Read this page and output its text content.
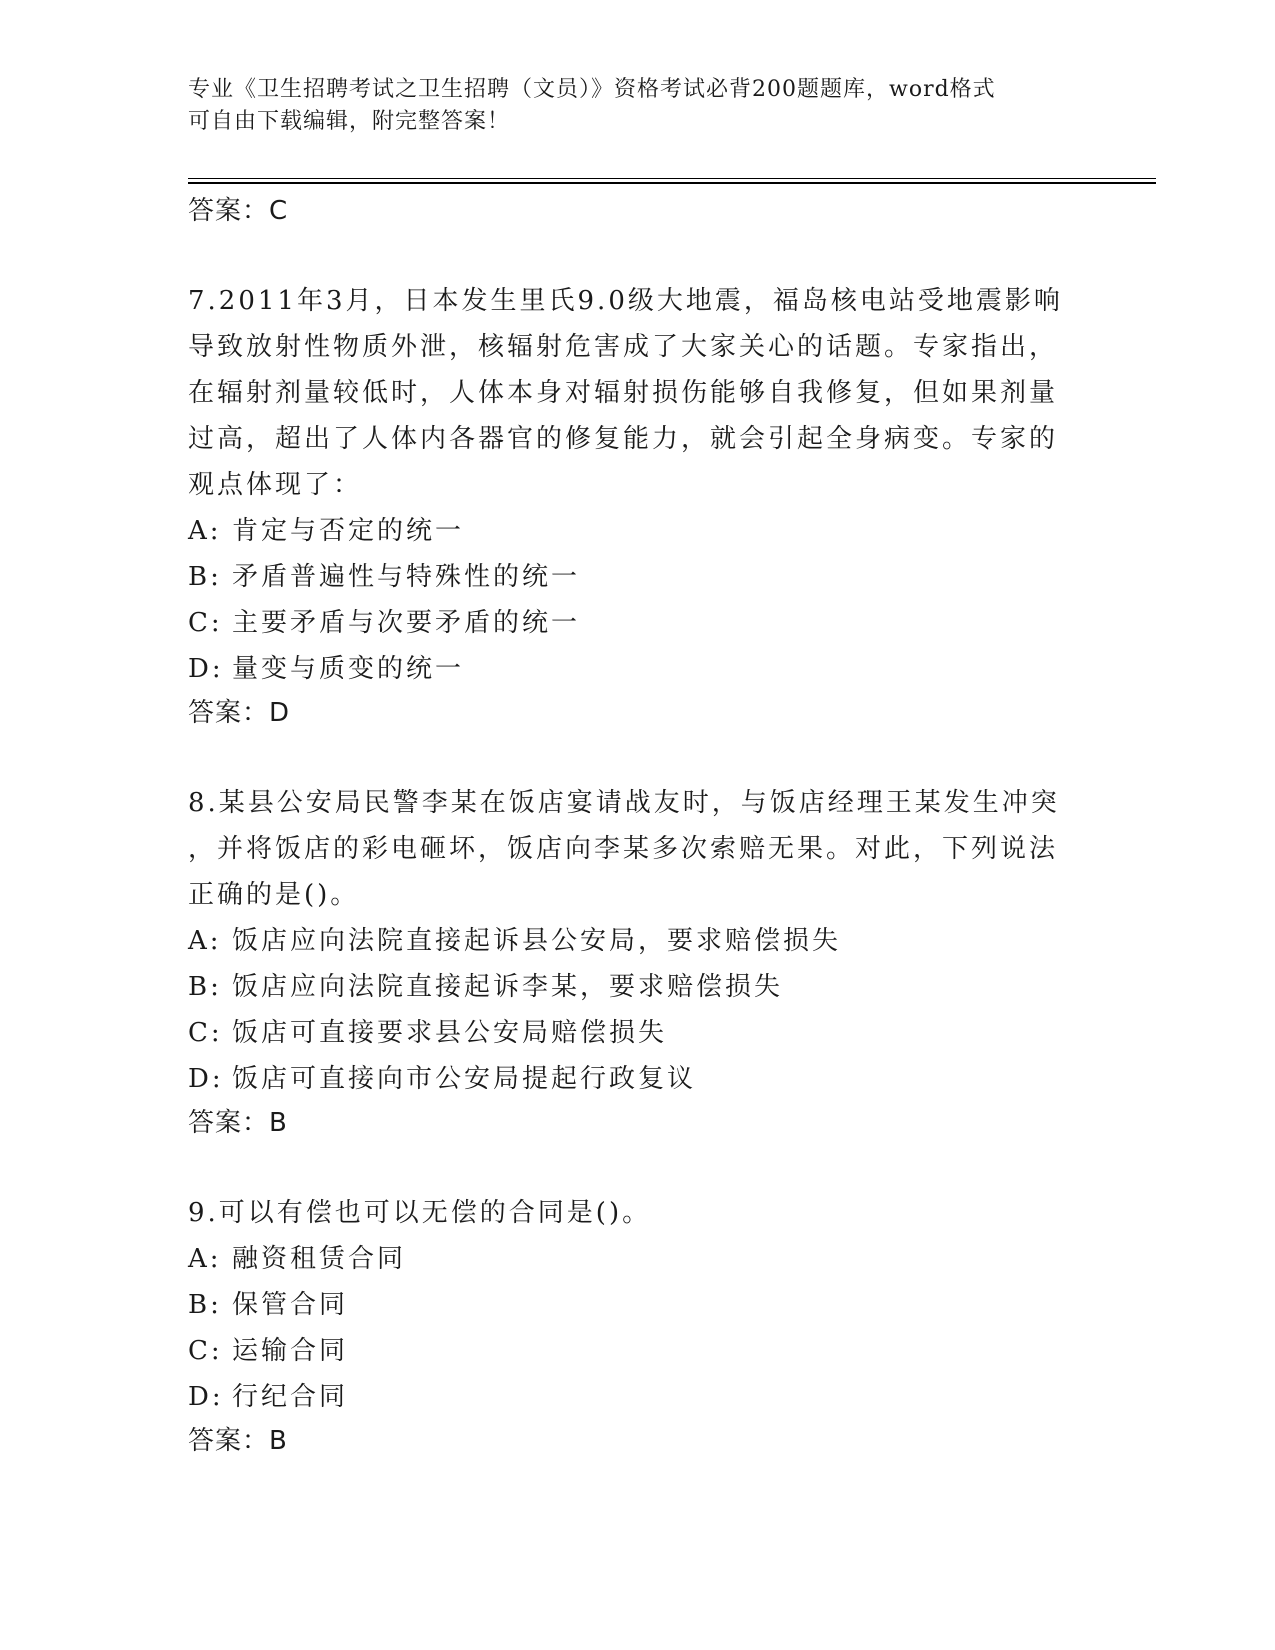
专业《卫生招聘考试之卫生招聘（文员）》资格考试必背200题题库，word格式
可自由下载编辑，附完整答案！
答案：C
7.2011年3月，日本发生里氏9.0级大地震，福岛核电站受地震影响
导致放射性物质外泄，核辐射危害成了大家关心的话题。专家指出，
在辐射剂量较低时，人体本身对辐射损伤能够自我修复，但如果剂量
过高，超出了人体内各器官的修复能力，就会引起全身病变。专家的
观点体现了：
A: 肯定与否定的统一
B: 矛盾普遍性与特殊性的统一
C: 主要矛盾与次要矛盾的统一
D: 量变与质变的统一
答案：D
8.某县公安局民警李某在饭店宴请战友时，与饭店经理王某发生冲突
，并将饭店的彩电砸坏，饭店向李某多次索赔无果。对此，下列说法
正确的是()。
A: 饭店应向法院直接起诉县公安局，要求赔偿损失
B: 饭店应向法院直接起诉李某，要求赔偿损失
C: 饭店可直接要求县公安局赔偿损失
D: 饭店可直接向市公安局提起行政复议
答案：B
9.可以有偿也可以无偿的合同是()。
A: 融资租赁合同
B: 保管合同
C: 运输合同
D: 行纪合同
答案：B
